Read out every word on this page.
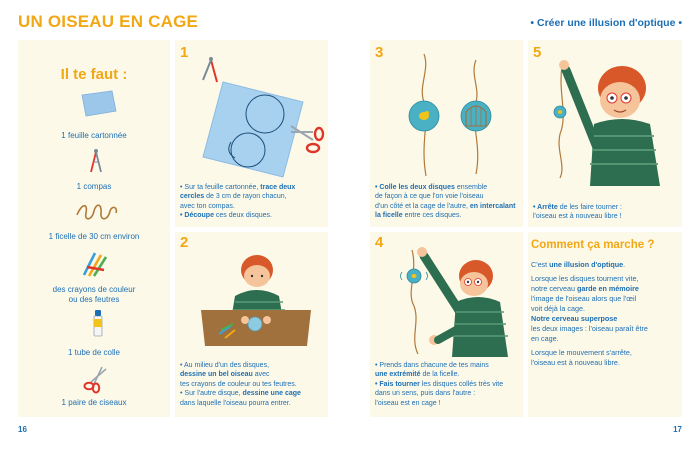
UN OISEAU EN CAGE	• Créer une illusion d'optique •
Il te faut :
1 feuille cartonnée
1 compas
1 ficelle de 30 cm environ
des crayons de couleur
ou des feutres
1 tube de colle
1 paire de ciseaux
1

• Sur ta feuille cartonnée, trace deux

cercles de 3 cm de rayon chacun,

avec ton compas.

• Découpe ces deux disques.

2

• Au milieu d'un des disques,

dessine un bel oiseau avec

tes crayons de couleur ou tes feutres.

• Sur l'autre disque, dessine une cage

dans laquelle l'oiseau pourra entrer.

3

• Colle les deux disques ensemble

de façon à ce que l'on voie l'oiseau

d'un côté et la cage de l'autre, en intercalant

la ficelle entre ces disques.

4

• Prends dans chacune de tes mains

une extrémité de la ficelle.

• Fais tourner les disques collés très vite

dans un sens, puis dans l'autre :

l'oiseau est en cage !

5

• Arrête de les faire tourner :

l'oiseau est à nouveau libre !

Comment ça marche ?

C'est une illusion d'optique.

Lorsque les disques tournent vite,

notre cerveau garde en mémoire

l'image de l'oiseau alors que l'œil

voit déjà la cage.

Notre cerveau superpose

les deux images : l'oiseau paraît être

en cage.

Lorsque le mouvement s'arrête,

l'oiseau est à nouveau libre.

16	17
